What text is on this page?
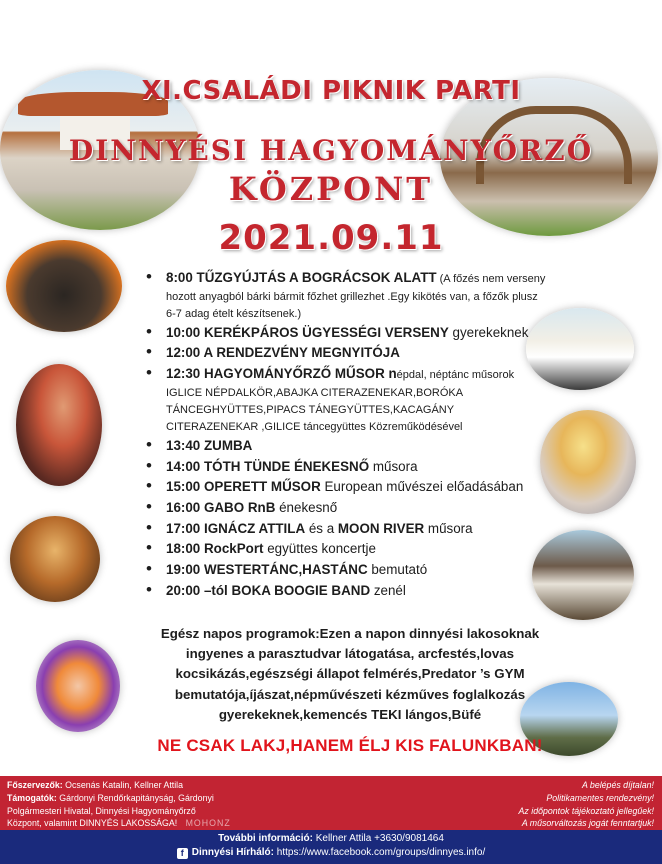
XI.CSALÁDI PIKNIK PARTI
DINNYÉSI HAGYOMÁNYŐRZŐ
KÖZPONT
2021.09.11
• 8:00 TŰZGYÚJTÁS A BOGRÁCSOK ALATT (A főzés nem verseny
hozott anyagból bárki bármit főzhet grillezhet .Egy kikötés van, a főzők plusz 6-7 adag ételt készítsenek.)
• 10:00 KERÉKPÁROS ÜGYESSÉGI VERSENY gyerekeknek
• 12:00 A RENDEZVÉNY MEGNYITÓJA
• 12:30 HAGYOMÁNYŐRZŐ MŰSOR népdal, néptánc műsorok
IGLICE NÉPDALKÖR,ABAJKA CITERAZENEKAR,BORÓKA TÁNCEGHYÜTTES,PIPACS TÁNEGYÜTTES,KACAGÁNY CITERAZENEKAR ,GILICE táncegyüttes Közreműködésével
• 13:40 ZUMBA
• 14:00 TÓTH TÜNDE ÉNEKESNŐ műsora
• 15:00 OPERETT MŰSOR European művészei előadásában
• 16:00 GABO RnB énekesnő
• 17:00 IGNÁCZ ATTILA és a MOON RIVER műsora
• 18:00 RockPort együttes koncertje
• 19:00 WESTERTÁNC,HASTÁNC bemutató
• 20:00 –tól BOKA BOOGIE BAND zenél
Egész napos programok:Ezen a napon dinnyési lakosoknak ingyenes a parasztudvar látogatása, arcfestés,lovas kocsikázás,egészségi állapot felmérés,Predator ’s GYM bemutatója,íjászat,népművészeti kézműves foglalkozás gyerekeknek,kemencés TEKI lángos,Büfé
NE CSAK LAKJ,HANEM ÉLJ KIS FALUNKBAN!
Főszervezők: Ocsenás Katalin, Kellner Attila
Támogatók: Gárdonyi Rendőrkapitányság, Gárdonyi
Polgármesteri Hivatal, Dinnyési Hagyományőrző
Központ, valamint DINNYÉS LAKOSSÁGA! MOHONZ
A belépés díjtalan!
Politikamentes rendezvény!
Az időpontok tájékoztató jellegűek!
A műsorváltozás jogát fenntartjuk!
További információ: Kellner Attila +3630/9081464
f Dinnyési Hírháló: https://www.facebook.com/groups/dinnyes.info/
